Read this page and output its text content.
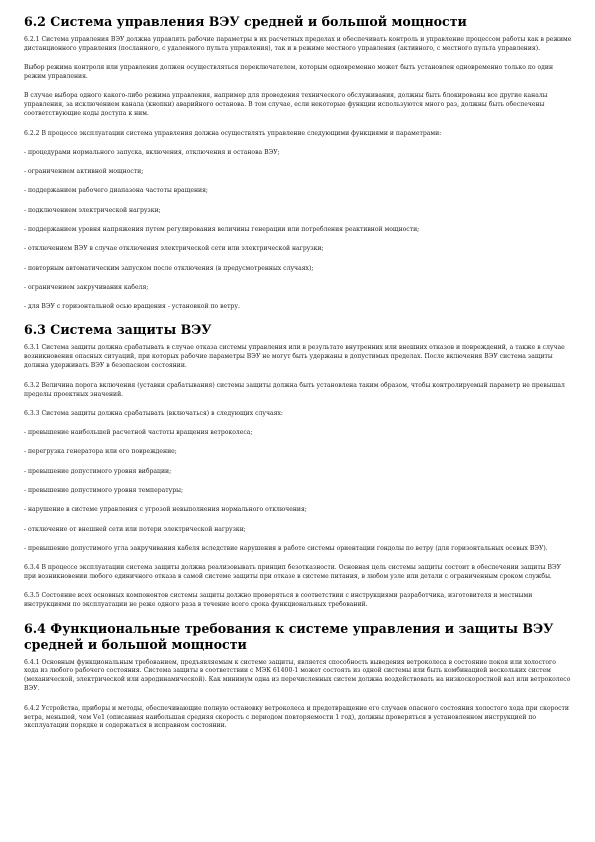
6.2 Система управления ВЭУ средней и большой мощности

6.2.1 Система управления ВЭУ должна управлять рабочие параметры в их расчетных пределах и обеспечивать контроль и управление процессом работы как в режиме дистанционного управления (посланного, с удаленного пульта управления), так и в режиме местного управления (активного, с местного пульта управления).

Выбор режима контроля или управления должен осуществляться переключателем, которым одновременно может быть установлен одновременно только по один режим управления.

В случае выбора одного какого-либо режима управления, например для проведения технического обслуживания, должны быть блокированы все другие каналы управления, за исключением канала (кнопки) аварийного останова. В том случае, если некоторые функции используются много раз, должны быть обеспечены соответствующие коды доступа к ним.

6.2.2 В процессе эксплуатации система управления должна осуществлять управление следующими функциями и параметрами:

- процедурами нормального запуска, включения, отключения и останова ВЭУ;

- ограничением активной мощности;

- поддержанием рабочего диапазона частоты вращения;

- подключением электрической нагрузки;

- поддержанием уровня напряжения путем регулирования величины генерации или потребления реактивной мощности;

- отключением ВЭУ в случае отключения электрической сети или электрической нагрузки;

- повторным автоматическим запуском после отключения (в предусмотренных случаях);

- ограничением закручивания кабеля;

- для ВЭУ с горизонтальной осью вращения - установкой по ветру.

6.3 Система защиты ВЭУ

6.3.1 Система защиты должна срабатывать в случае отказа системы управления или в результате внутренних или внешних отказов и повреждений, а также в случае возникновения опасных ситуаций, при которых рабочие параметры ВЭУ не могут быть удержаны в допустимых пределах. После включения ВЭУ система защиты должна удерживать ВЭУ в безопасном состоянии.

6.3.2 Величина порога включения (уставки срабатывания) системы защиты должна быть установлена таким образом, чтобы контролируемый параметр не превышал пределы проектных значений.

6.3.3 Система защиты должна срабатывать (включаться) в следующих случаях:

- превышение наибольшей расчетной частоты вращения ветроколеса;

- перегрузка генератора или его повреждение;

- превышение допустимого уровня вибрации;

- превышение допустимого уровня температуры;

- нарушение в системе управления с угрозой невыполнения нормального отключения;

- отключение от внешней сети или потери электрической нагрузки;

- превышение допустимого угла закручивания кабеля вследствие нарушения в работе системы ориентации гондолы по ветру (для горизонтальных осевых ВЭУ).

6.3.4 В процессе эксплуатации система защиты должна реализовывать принцип безотказности. Основная цель системы защиты состоит в обеспечении защиты ВЭУ при возникновении любого единичного отказа в самой системе защиты при отказе в системе питания, в любом узле или детали с ограниченным сроком службы.

6.3.5 Состояние всех основных компонентов системы защиты должно проверяться в соответствии с инструкциями разработчика, изготовителя и местными инструкциями по эксплуатации не реже одного раза в течение всего срока функциональных требований.

6.4 Функциональные требования к системе управления и защиты ВЭУ средней и большой мощности

6.4.1 Основным функциональным требованием, предъявляемым к системе защиты, является способность выведения ветроколеса в состояние покоя или холостого хода из любого рабочего состояния. Система защиты в соответствии с МЭК 61400-1 может состоять из одной системы или быть комбинацией нескольких систем (механической, электрической или аэродинамической). Как минимум одна из перечисленных систем должна воздействовать на низкоскоростной вал или ветроколесо ВЭУ.

6.4.2 Устройства, приборы и методы, обеспечивающие полную остановку ветроколеса и предотвращение его случаев опасного состояния холостого хода при скорости ветра, меньшей, чем Vе1 (описанная наибольшая средняя скорость с периодом повторяемости 1 год), должны проверяться в установленном инструкцией по эксплуатации порядке и содержаться в исправном состоянии.
